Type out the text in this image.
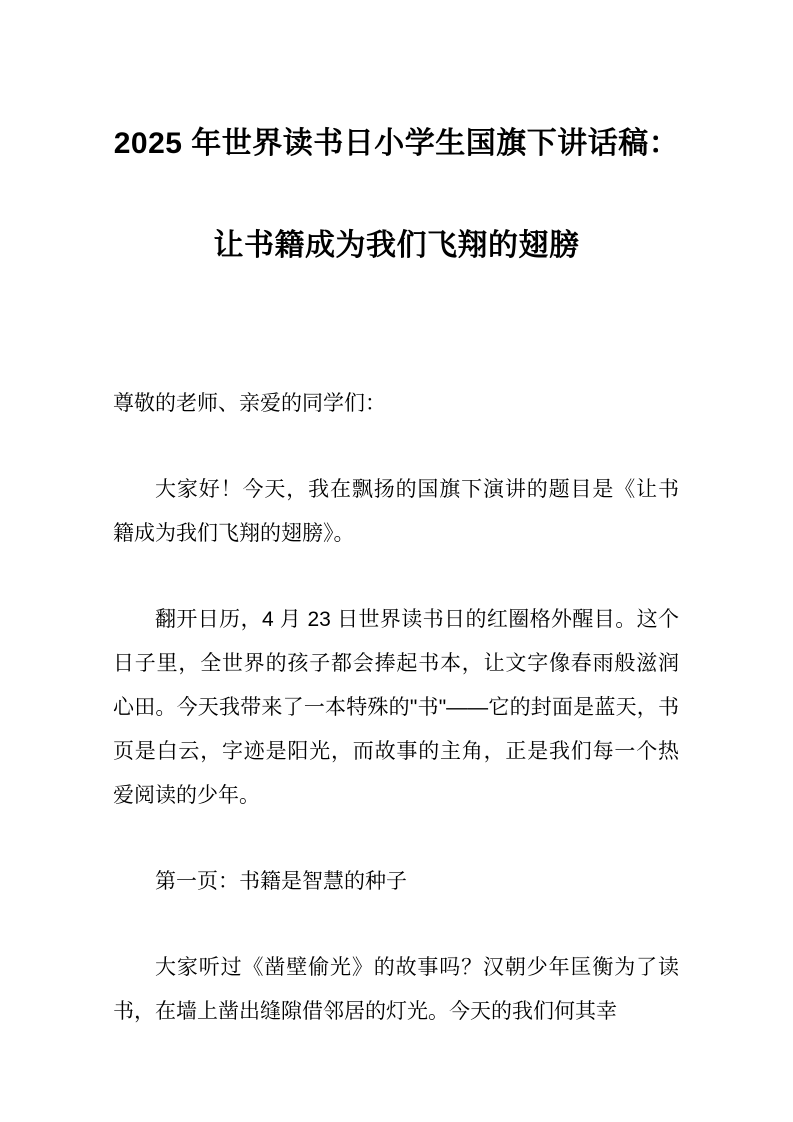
2025 年世界读书日小学生国旗下讲话稿：
让书籍成为我们飞翔的翅膀

尊敬的老师、亲爱的同学们：

大家好！今天，我在飘扬的国旗下演讲的题目是《让书籍成为我们飞翔的翅膀》。

翻开日历，4 月 23 日世界读书日的红圈格外醒目。这个日子里，全世界的孩子都会捧起书本，让文字像春雨般滋润心田。今天我带来了一本特殊的"书"——它的封面是蓝天，书页是白云，字迹是阳光，而故事的主角，正是我们每一个热爱阅读的少年。

第一页：书籍是智慧的种子

大家听过《凿壁偷光》的故事吗？汉朝少年匡衡为了读书，在墙上凿出缝隙借邻居的灯光。今天的我们何其幸
